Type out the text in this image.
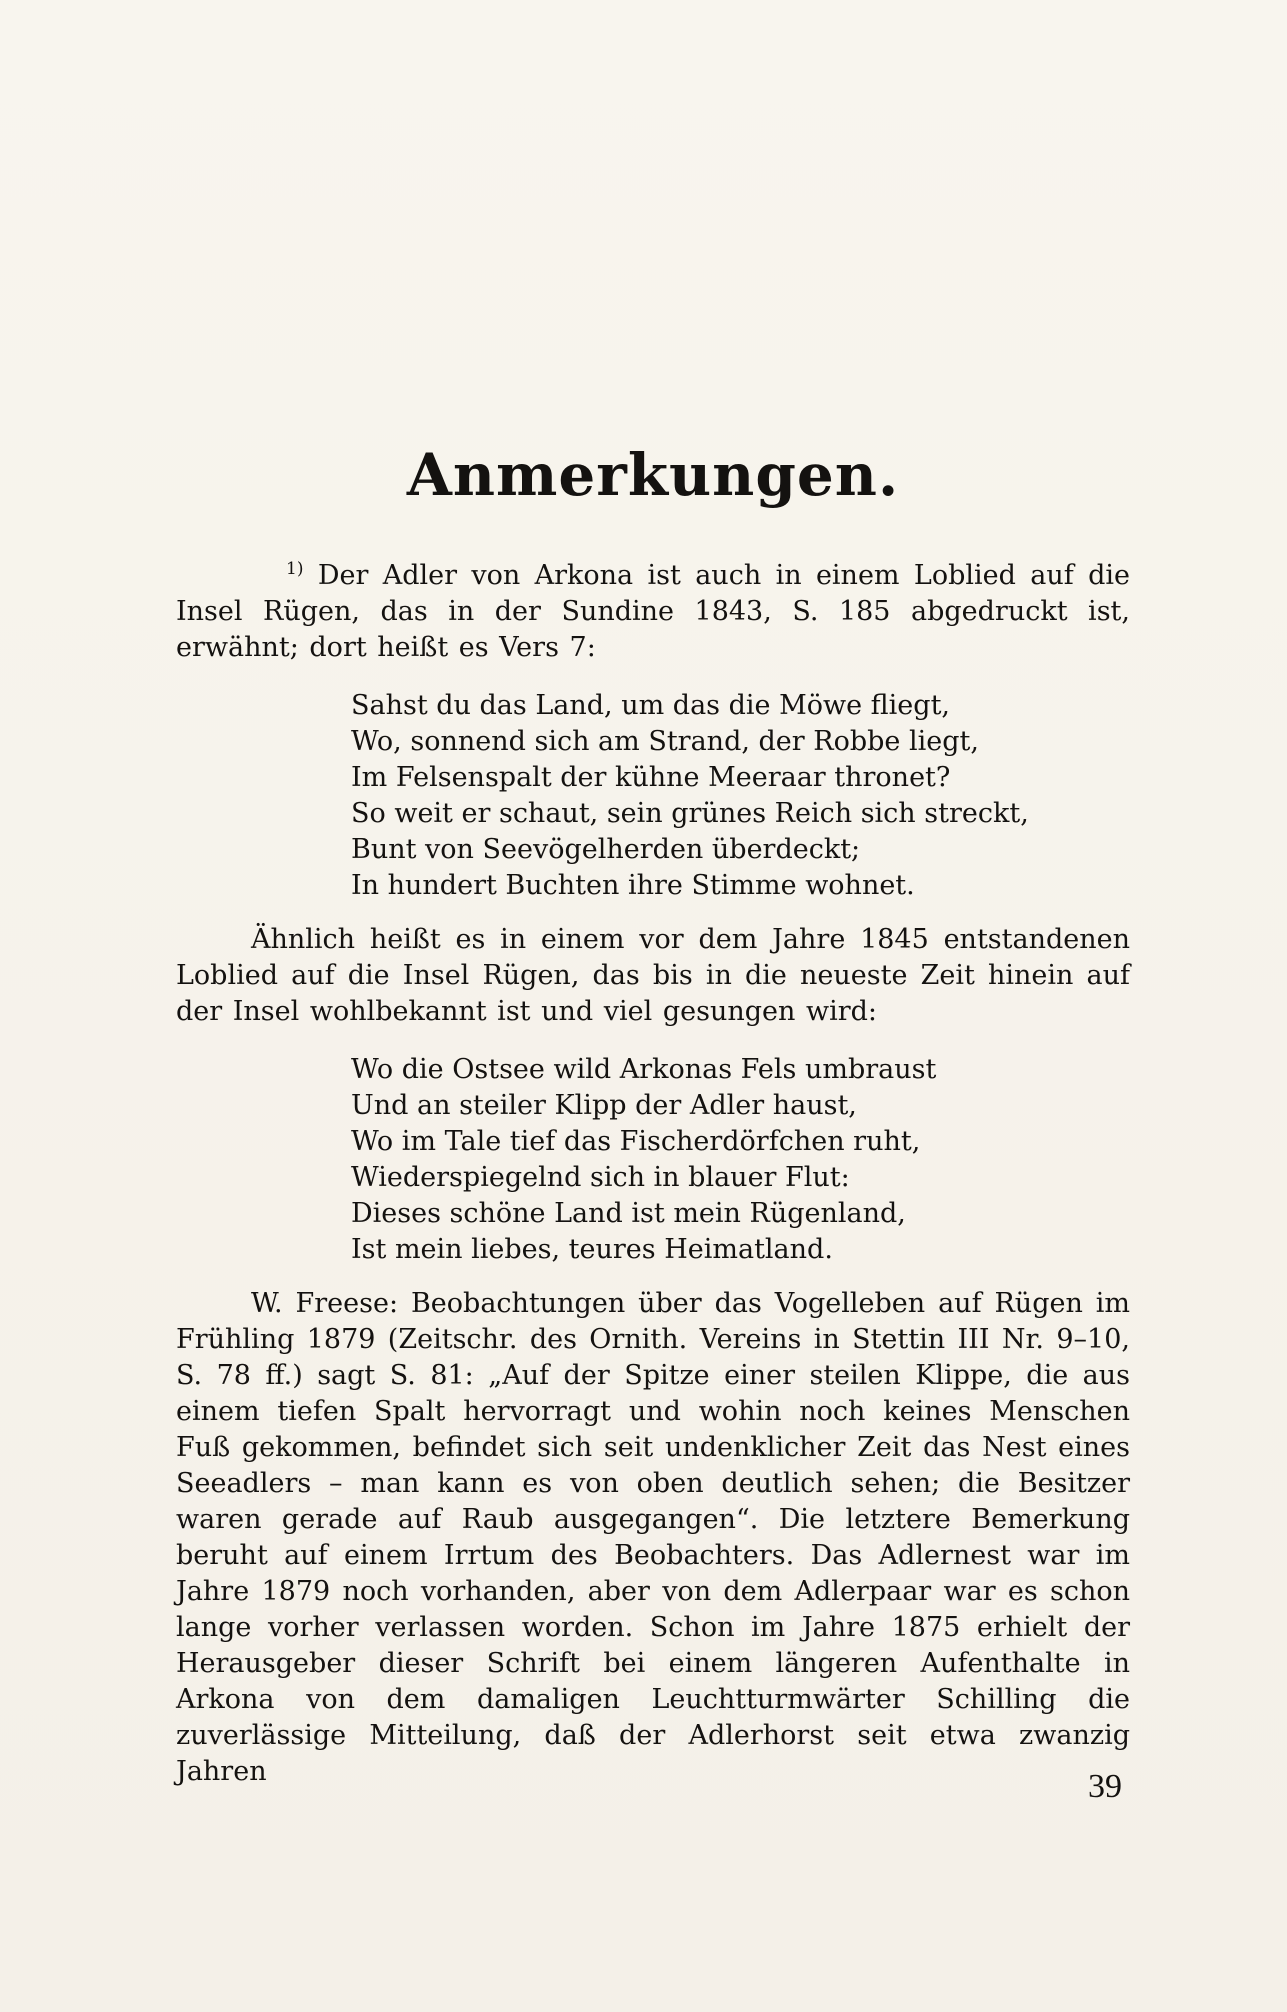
Anmerkungen.

$^{1)}$ Der Adler von Arkona ist auch in einem Loblied auf die Insel Rügen, das in der Sundine 1843, S. 185 abgedruckt ist, erwähnt; dort heißt es Vers 7:

Sahst du das Land, um das die Möwe fliegt,
Wo, sonnend sich am Strand, der Robbe liegt,
Im Felsenspalt der kühne Meeraar thronet?
So weit er schaut, sein grünes Reich sich streckt,
Bunt von Seevögelherden überdeckt;
In hundert Buchten ihre Stimme wohnet.

Ähnlich heißt es in einem vor dem Jahre 1845 entstandenen Loblied auf die Insel Rügen, das bis in die neueste Zeit hinein auf der Insel wohlbekannt ist und viel gesungen wird:

Wo die Ostsee wild Arkonas Fels umbraust
Und an steiler Klipp der Adler haust,
Wo im Tale tief das Fischerdörfchen ruht,
Wiederspiegelnd sich in blauer Flut:
Dieses schöne Land ist mein Rügenland,
Ist mein liebes, teures Heimatland.

W. Freese: Beobachtungen über das Vogelleben auf Rügen im Frühling 1879 (Zeitschr. des Ornith. Vereins in Stettin III Nr. 9–10, S. 78 ff.) sagt S. 81: „Auf der Spitze einer steilen Klippe, die aus einem tiefen Spalt hervorragt und wohin noch keines Menschen Fuß gekommen, befindet sich seit undenklicher Zeit das Nest eines Seeadlers – man kann es von oben deutlich sehen; die Besitzer waren gerade auf Raub ausgegangen“. Die letztere Bemerkung beruht auf einem Irrtum des Beobachters. Das Adlernest war im Jahre 1879 noch vorhanden, aber von dem Adlerpaar war es schon lange vorher verlassen worden. Schon im Jahre 1875 erhielt der Herausgeber dieser Schrift bei einem längeren Aufenthalte in Arkona von dem damaligen Leuchtturmwärter Schilling die zuverlässige Mitteilung, daß der Adlerhorst seit etwa zwanzig Jahren	39
